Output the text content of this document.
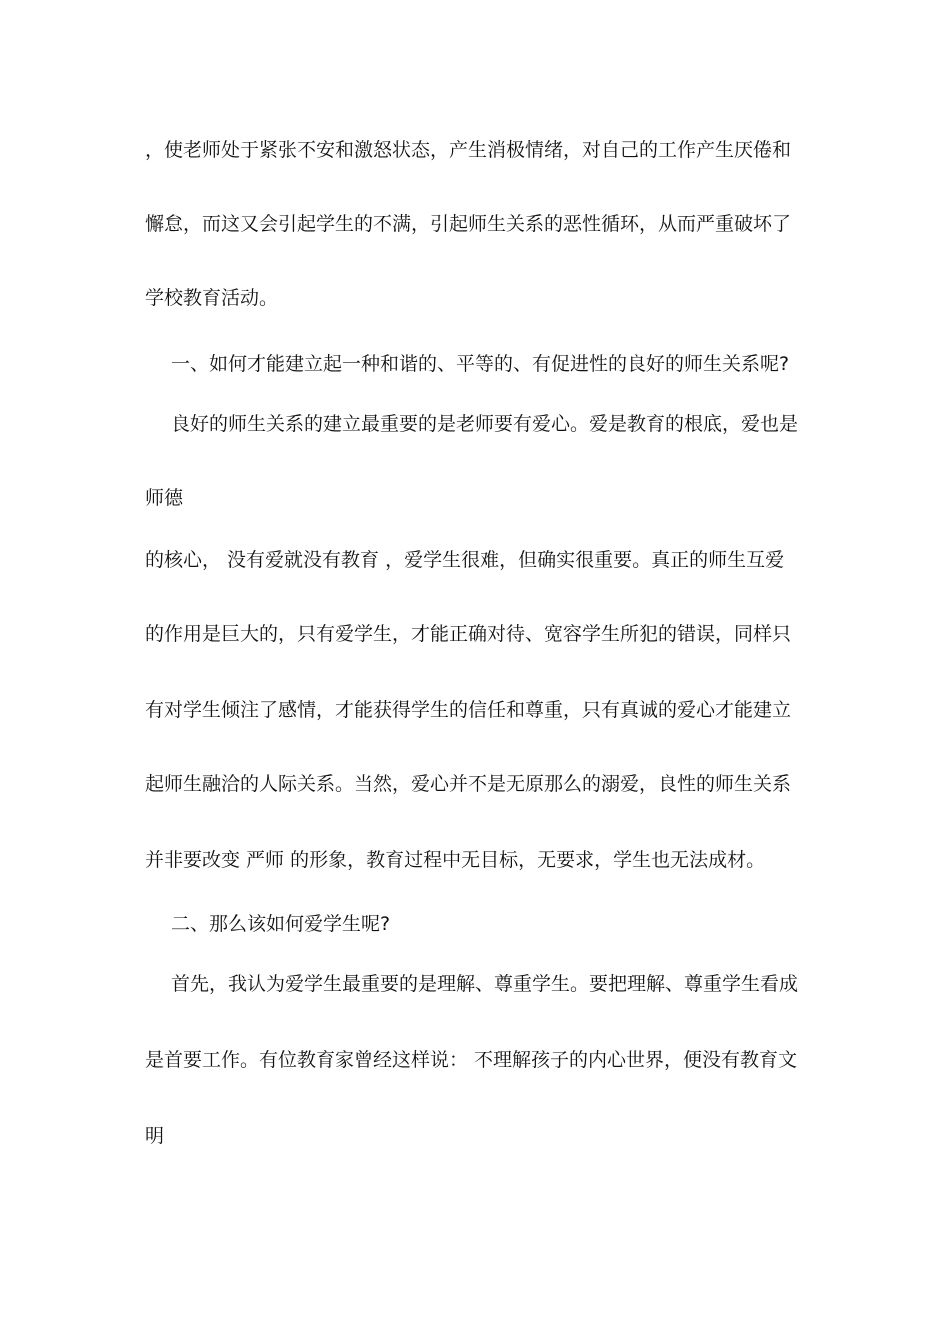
，使老师处于紧张不安和激怒状态，产生消极情绪，对自己的工作产生厌倦和
懈怠，而这又会引起学生的不满，引起师生关系的恶性循环，从而严重破坏了
学校教育活动。
一、如何才能建立起一种和谐的、平等的、有促进性的良好的师生关系呢?
良好的师生关系的建立最重要的是老师要有爱心。爱是教育的根底，爱也是
师德
的核心， 没有爱就没有教育 ，爱学生很难，但确实很重要。真正的师生互爱
的作用是巨大的，只有爱学生，才能正确对待、宽容学生所犯的错误，同样只
有对学生倾注了感情，才能获得学生的信任和尊重，只有真诚的爱心才能建立
起师生融洽的人际关系。当然，爱心并不是无原那么的溺爱，良性的师生关系
并非要改变 严师 的形象，教育过程中无目标，无要求，学生也无法成材。
二、那么该如何爱学生呢?
首先，我认为爱学生最重要的是理解、尊重学生。要把理解、尊重学生看成
是首要工作。有位教育家曾经这样说： 不理解孩子的内心世界，便没有教育文
明
